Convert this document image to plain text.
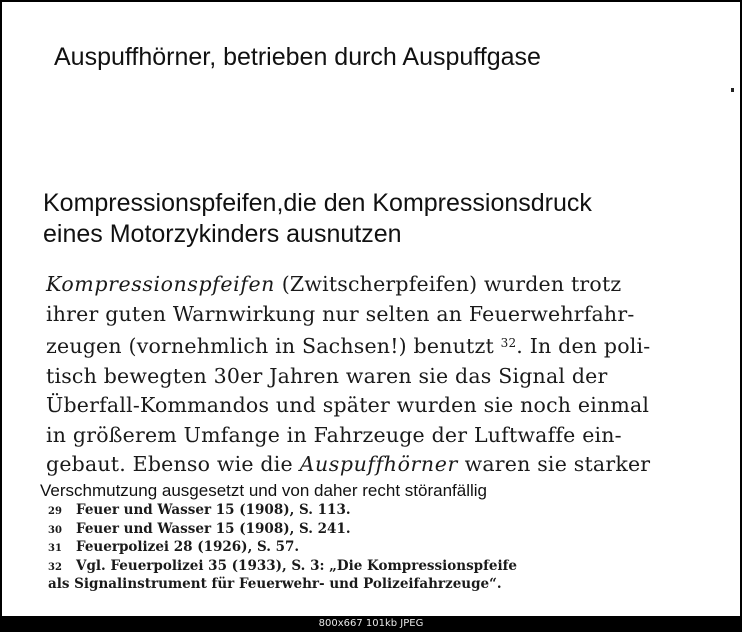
Auspuffhörner, betrieben durch Auspuffgase
Kompressionspfeifen,die den Kompressionsdruck
eines Motorzykinders ausnutzen
Kompressionspfeifen (Zwitscherpfeifen) wurden trotz
ihrer guten Warnwirkung nur selten an Feuerwehrfahr-
zeugen (vornehmlich in Sachsen!) benutzt $^{32}$. In den poli-
tisch bewegten 30er Jahren waren sie das Signal der
Überfall-Kommandos und später wurden sie noch einmal
in größerem Umfange in Fahrzeuge der Luftwaffe ein-
gebaut. Ebenso wie die Auspuffhörner waren sie starker
Verschmutzung ausgesetzt und von daher recht störanfällig
29 Feuer und Wasser 15 (1908), S. 113.
30 Feuer und Wasser 15 (1908), S. 241.
31 Feuerpolizei 28 (1926), S. 57.
32 Vgl. Feuerpolizei 35 (1933), S. 3: „Die Kompressionspfeife
als Signalinstrument für Feuerwehr- und Polizeifahrzeuge“.
800x667 101kb JPEG
